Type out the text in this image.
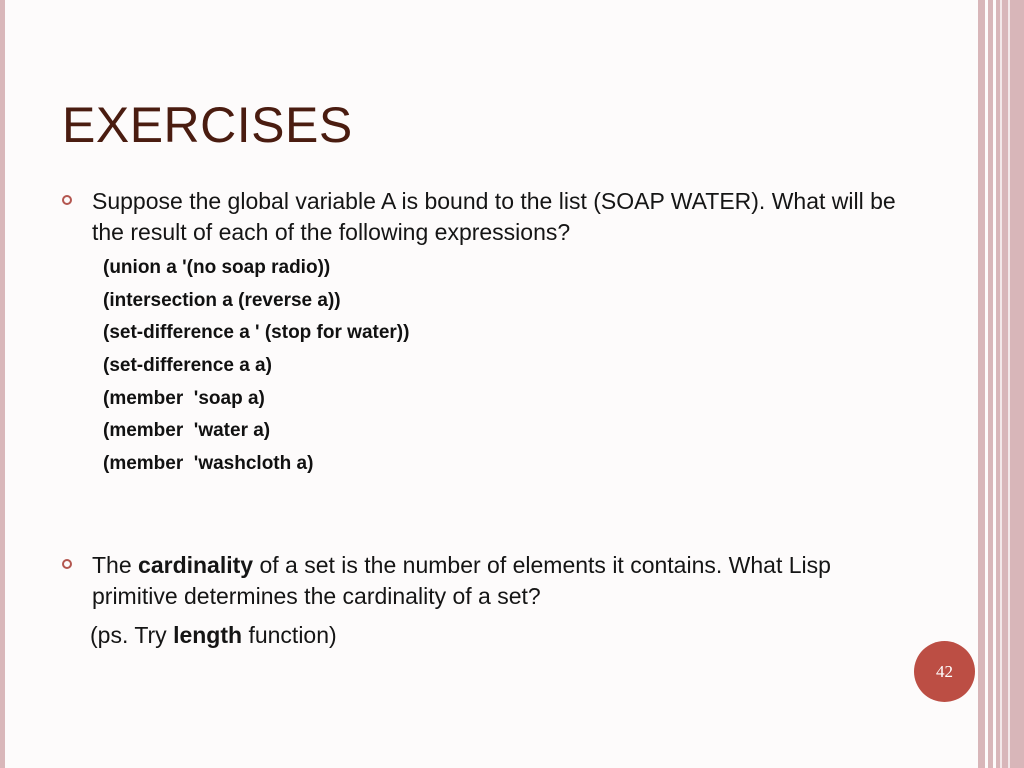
EXERCISES
Suppose the global variable A is bound to the list (SOAP WATER). What will be the result of each of the following expressions?
(union a '(no soap radio))
(intersection a (reverse a))
(set-difference a ' (stop for water))
(set-difference a a)
(member  'soap a)
(member  'water a)
(member  'washcloth a)
The cardinality of a set is the number of elements it contains. What Lisp primitive determines the cardinality of a set?
(ps. Try length function)
42
